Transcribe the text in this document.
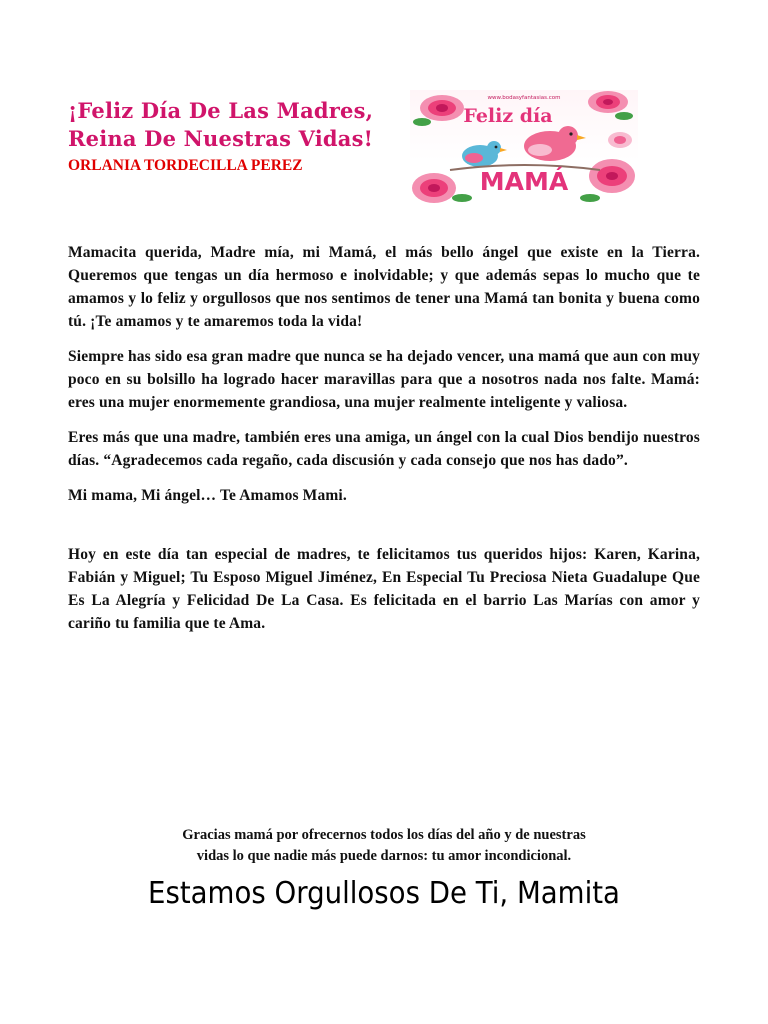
¡Feliz Día De Las Madres,

Reina De Nuestras Vidas!

ORLANIA TORDECILLA PEREZ

www.bodasyfantasias.com
Feliz día
MAMÁ

Mamacita querida, Madre mía, mi Mamá, el más bello ángel que existe en la Tierra. Queremos que tengas un día hermoso e inolvidable; y que además sepas lo mucho que te amamos y lo feliz y orgullosos que nos sentimos de tener una Mamá tan bonita y buena como tú. ¡Te amamos y te amaremos toda la vida!

Siempre has sido esa gran madre que nunca se ha dejado vencer, una mamá que aun con muy poco en su bolsillo ha logrado hacer maravillas para que a nosotros nada nos falte. Mamá: eres una mujer enormemente grandiosa, una mujer realmente inteligente y valiosa.

Eres más que una madre, también eres una amiga, un ángel con la cual Dios bendijo nuestros días. “Agradecemos cada regaño, cada discusión y cada consejo que nos has dado”.

Mi mama, Mi ángel… Te Amamos Mami.

Hoy en este día tan especial de madres, te felicitamos tus queridos hijos: Karen, Karina, Fabián y Miguel; Tu Esposo Miguel Jiménez, En Especial Tu Preciosa Nieta Guadalupe Que Es La Alegría y Felicidad De La Casa. Es felicitada en el barrio Las Marías con amor y cariño tu familia que te Ama.

Gracias mamá por ofrecernos todos los días del año y de nuestras

vidas lo que nadie más puede darnos: tu amor incondicional.

Estamos Orgullosos De Ti, Mamita
